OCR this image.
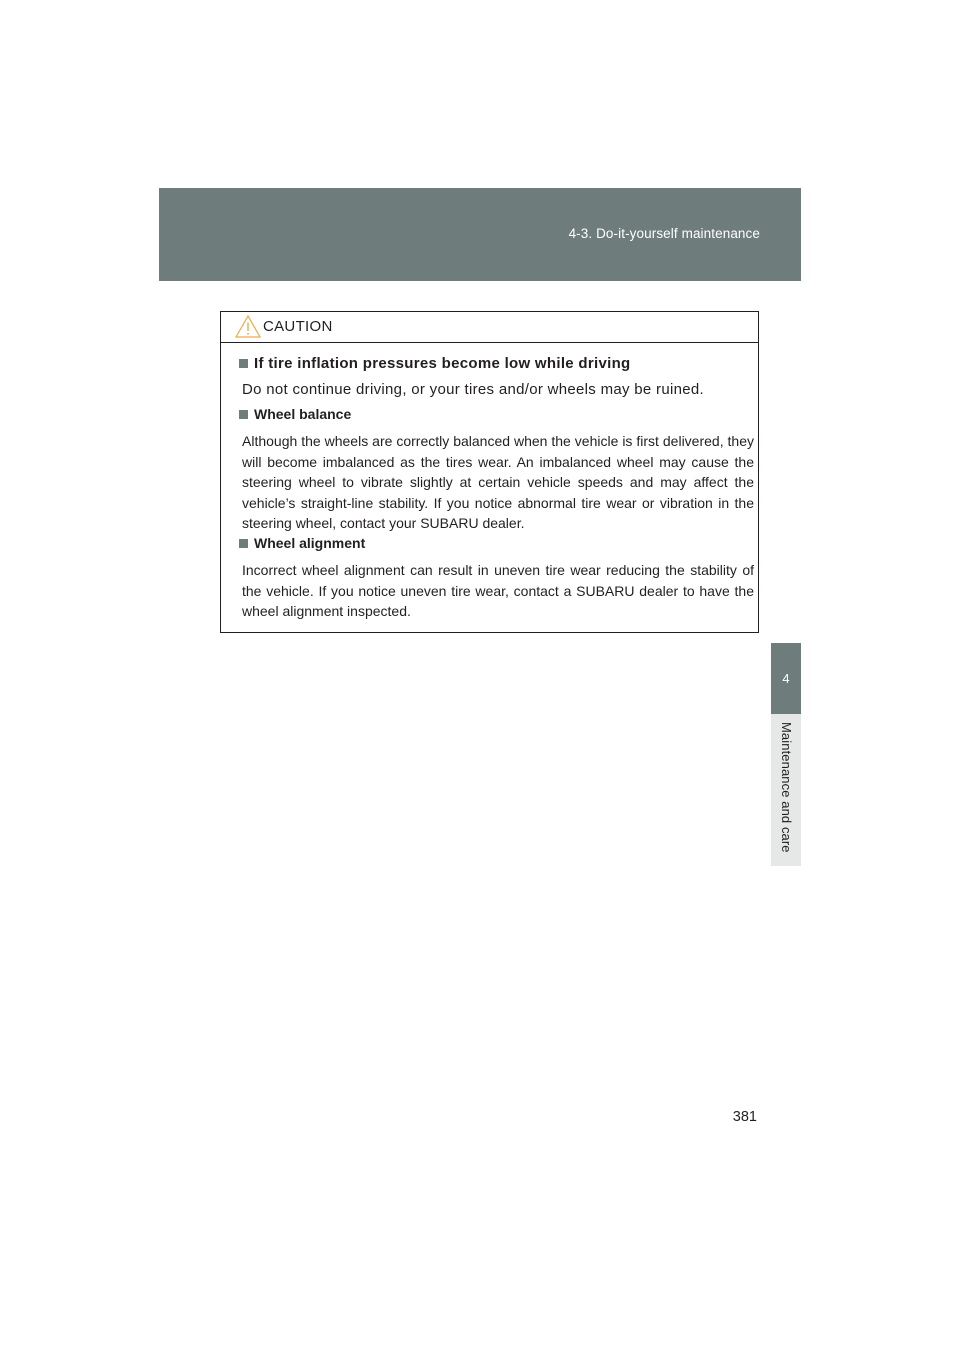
4-3. Do-it-yourself maintenance
4
Maintenance and care
CAUTION
If tire inflation pressures become low while driving
Do not continue driving, or your tires and/or wheels may be ruined.
Wheel balance
Although the wheels are correctly balanced when the vehicle is first delivered, they will become imbalanced as the tires wear. An imbalanced wheel may cause the steering wheel to vibrate slightly at certain vehicle speeds and may affect the vehicle’s straight-line stability. If you notice abnormal tire wear or vibration in the steering wheel, contact your SUBARU dealer.
Wheel alignment
Incorrect wheel alignment can result in uneven tire wear reducing the stability of the vehicle. If you notice uneven tire wear, contact a SUBARU dealer to have the wheel alignment inspected.
381
